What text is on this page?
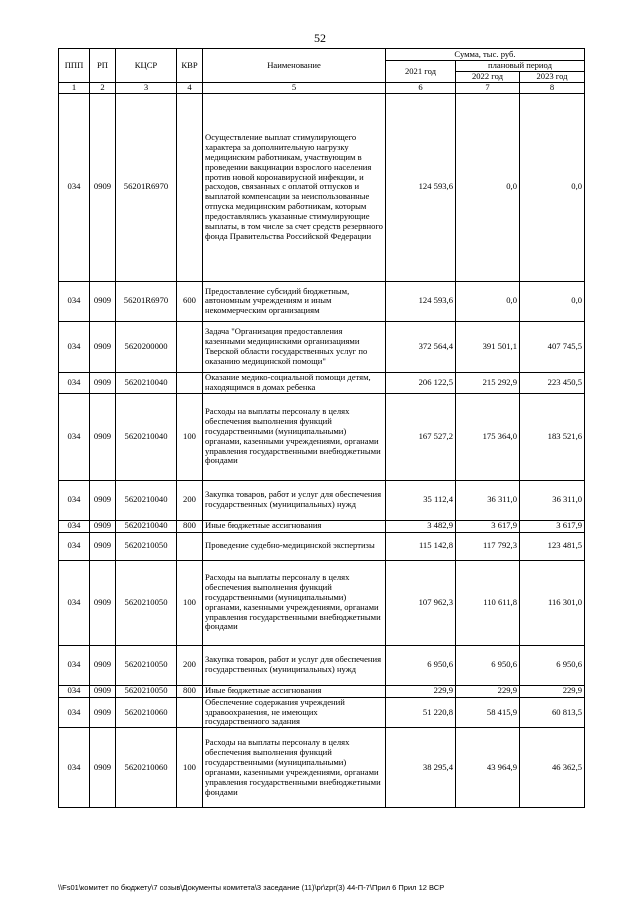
52
ППП	РП	КЦСР	КВР	Наименование	Сумма, тыс. руб.		
					2021 год	плановый период	
						2022 год	2023 год
1	2	3	4	5	6	7	8
034	0909	56201R6970		Осуществление выплат стимулирующего характера за дополнительную нагрузку медицинским работникам, участвующим в проведении вакцинации взрослого населения против новой коронавирусной инфекции, и расходов, связанных с оплатой отпусков и выплатой компенсации за неиспользованные отпуска медицинским работникам, которым предоставлялись указанные стимулирующие выплаты, в том числе за счет средств резервного фонда Правительства Российской Федерации	124 593,6	0,0	0,0
034	0909	56201R6970	600	Предоставление субсидий бюджетным, автономным учреждениям и иным некоммерческим организациям	124 593,6	0,0	0,0
034	0909	5620200000		Задача "Организация предоставления казенными медицинскими организациями Тверской области государственных услуг по оказанию медицинской помощи"	372 564,4	391 501,1	407 745,5
034	0909	5620210040		Оказание медико-социальной помощи детям, находящимся в домах ребенка	206 122,5	215 292,9	223 450,5
034	0909	5620210040	100	Расходы на выплаты персоналу в целях обеспечения выполнения функций государственными (муниципальными) органами, казенными учреждениями, органами управления государственными внебюджетными фондами	167 527,2	175 364,0	183 521,6
034	0909	5620210040	200	Закупка товаров, работ и услуг для обеспечения государственных (муниципальных) нужд	35 112,4	36 311,0	36 311,0
034	0909	5620210040	800	Иные бюджетные ассигнования	3 482,9	3 617,9	3 617,9
034	0909	5620210050		Проведение судебно-медицинской экспертизы	115 142,8	117 792,3	123 481,5
034	0909	5620210050	100	Расходы на выплаты персоналу в целях обеспечения выполнения функций государственными (муниципальными) органами, казенными учреждениями, органами управления государственными внебюджетными фондами	107 962,3	110 611,8	116 301,0
034	0909	5620210050	200	Закупка товаров, работ и услуг для обеспечения государственных (муниципальных) нужд	6 950,6	6 950,6	6 950,6
034	0909	5620210050	800	Иные бюджетные ассигнования	229,9	229,9	229,9
034	0909	5620210060		Обеспечение содержания учреждений здравоохранения, не имеющих государственного задания	51 220,8	58 415,9	60 813,5
034	0909	5620210060	100	Расходы на выплаты персоналу в целях обеспечения выполнения функций государственными (муниципальными) органами, казенными учреждениями, органами управления государственными внебюджетными фондами	38 295,4	43 964,9	46 362,5
\\Fs01\комитет по бюджету\7 созыв\Документы комитета\3 заседание (11)\pr\zpr(3) 44-П-7\Прил 6 Прил 12 ВСР
